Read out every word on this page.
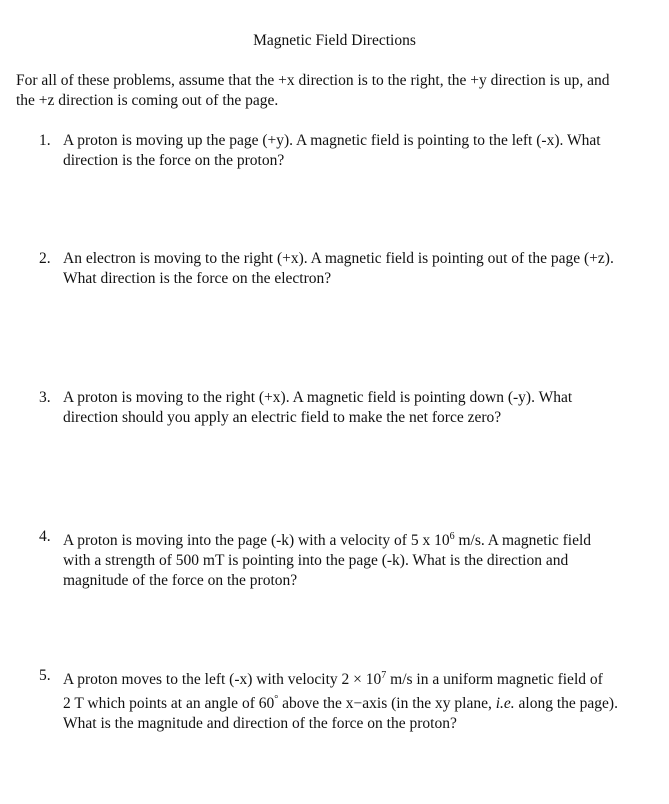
Magnetic Field Directions
For all of these problems, assume that the +x direction is to the right, the +y direction is up, and
the +z direction is coming out of the page.
1. A proton is moving up the page (+y). A magnetic field is pointing to the left (-x). What
direction is the force on the proton?
2. An electron is moving to the right (+x). A magnetic field is pointing out of the page (+z).
What direction is the force on the electron?
3. A proton is moving to the right (+x). A magnetic field is pointing down (-y). What
direction should you apply an electric field to make the net force zero?
4. A proton is moving into the page (-k) with a velocity of 5 x $10^6$ m/s. A magnetic field
with a strength of 500 mT is pointing into the page (-k). What is the direction and
magnitude of the force on the proton?
5. A proton moves to the left (-x) with velocity $2 \times 10^7$ m/s in a uniform magnetic field of
2 T which points at an angle of 60° above the x−axis (in the xy plane, i.e. along the page).
What is the magnitude and direction of the force on the proton?
